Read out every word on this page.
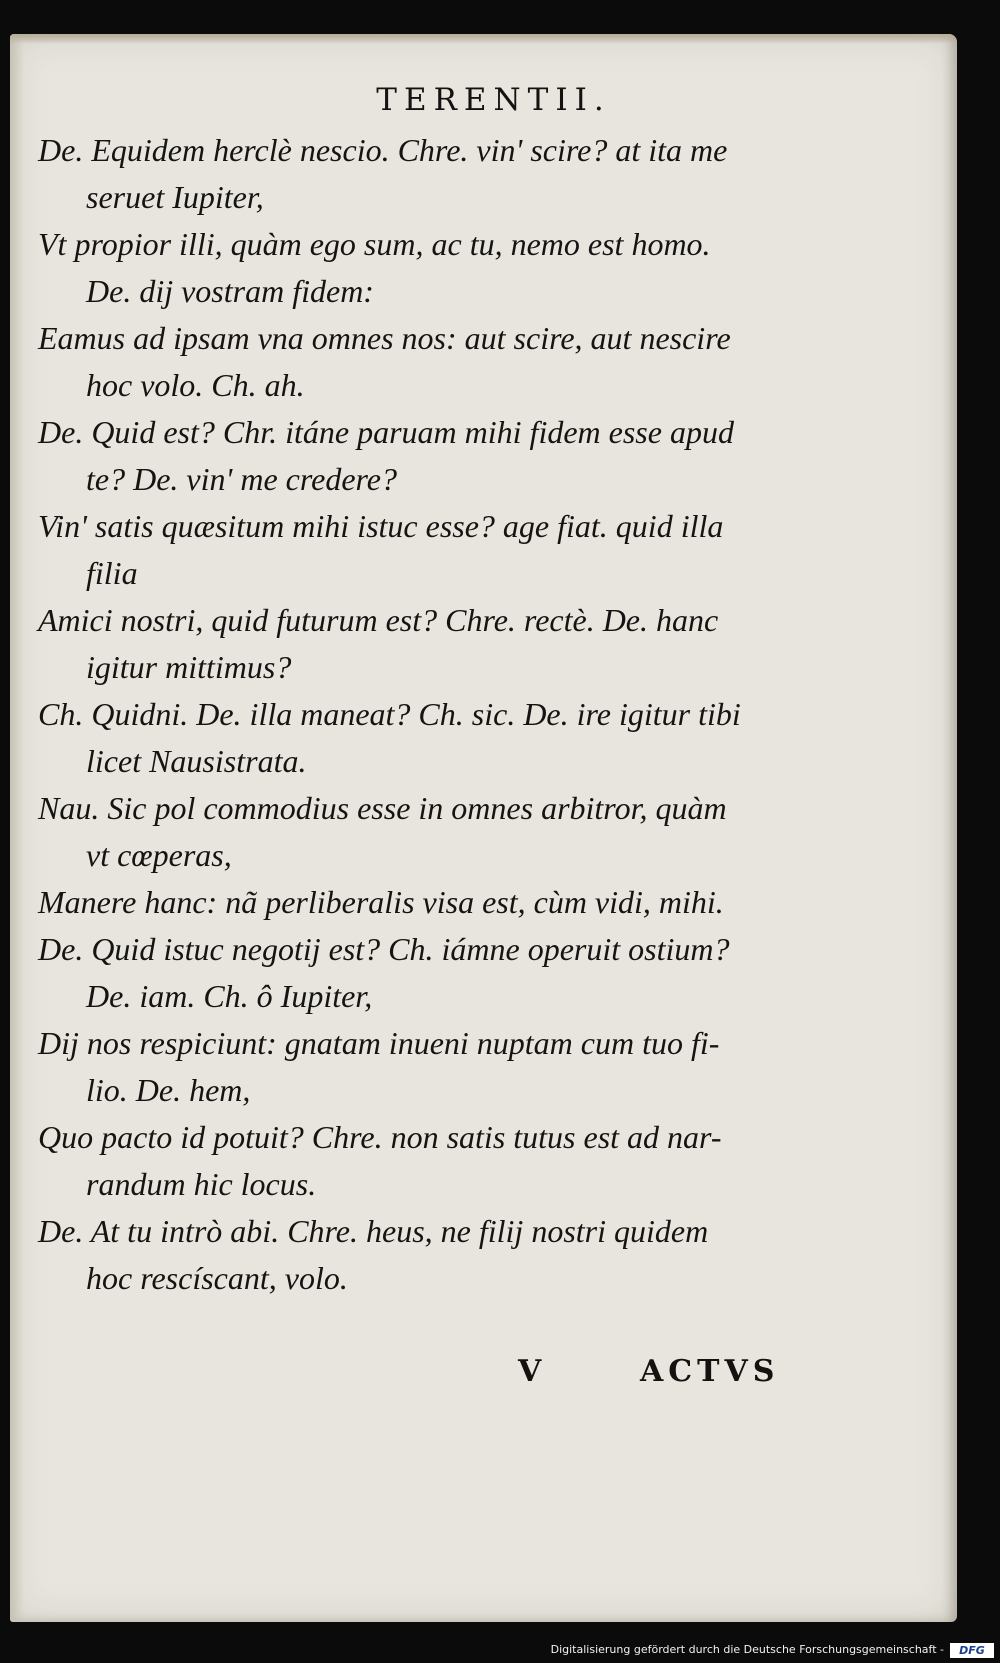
TERENTII.
De. Equidem herclè nescio. Chre. vin' scire? at ita me
seruet Iupiter,
Vt propior illi, quàm ego sum, ac tu, nemo est homo.
De. dij vostram fidem:
Eamus ad ipsam vna omnes nos: aut scire, aut nescire
hoc volo. Ch. ah.
De. Quid est? Chr. itáne paruam mihi fidem esse apud
te? De. vin' me credere?
Vin' satis quæsitum mihi istuc esse? age fiat. quid illa
filia
Amici nostri, quid futurum est? Chre. rectè. De. hanc
igitur mittimus?
Ch. Quidni. De. illa maneat? Ch. sic. De. ire igitur tibi
licet Nausistrata.
Nau. Sic pol commodius esse in omnes arbitror, quàm
vt cœperas,
Manere hanc: nã perliberalis visa est, cùm vidi, mihi.
De. Quid istuc negotij est? Ch. iámne operuit ostium?
De. iam. Ch. ô Iupiter,
Dij nos respiciunt: gnatam inueni nuptam cum tuo fi-
lio. De. hem,
Quo pacto id potuit? Chre. non satis tutus est ad nar-
randum hic locus.
De. At tu intrò abi. Chre. heus, ne filij nostri quidem
hoc rescíscant, volo.
V	ACTVS
Digitalisierung gefördert durch die Deutsche Forschungsgemeinschaft -	DFG
